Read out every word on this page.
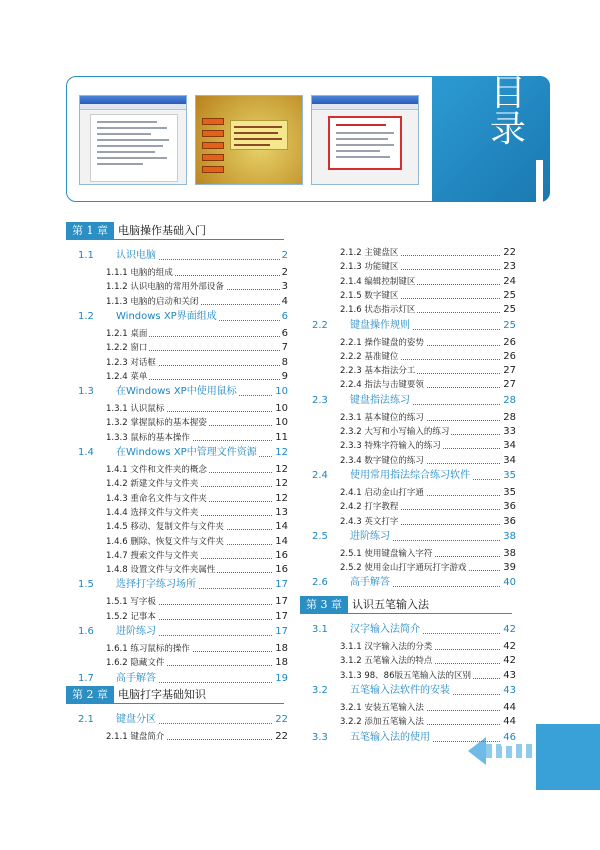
目
录
第 1 章 电脑操作基础入门
1.1 认识电脑	2
1.1.1 电脑的组成	2
1.1.2 认识电脑的常用外部设备	3
1.1.3 电脑的启动和关闭	4
1.2 Windows XP界面组成	6
1.2.1 桌面	6
1.2.2 窗口	7
1.2.3 对话框	8
1.2.4 菜单	9
1.3 在Windows XP中使用鼠标	10
1.3.1 认识鼠标	10
1.3.2 掌握鼠标的基本握姿	10
1.3.3 鼠标的基本操作	11
1.4 在Windows XP中管理文件资源 12
1.4.1 文件和文件夹的概念	12
1.4.2 新建文件与文件夹	12
1.4.3 重命名文件与文件夹	12
1.4.4 选择文件与文件夹	13
1.4.5 移动、复制文件与文件夹	14
1.4.6 删除、恢复文件与文件夹	14
1.4.7 搜索文件与文件夹	16
1.4.8 设置文件与文件夹属性	16
1.5 选择打字练习场所	17
1.5.1 写字板	17
1.5.2 记事本	17
1.6 进阶练习	17
1.6.1 练习鼠标的操作	18
1.6.2 隐藏文件	18
1.7 高手解答	19
第 2 章 电脑打字基础知识
2.1 键盘分区	22
2.1.1 键盘简介	22
2.1.2 主键盘区	22
2.1.3 功能键区	23
2.1.4 编辑控制键区	24
2.1.5 数字键区	25
2.1.6 状态指示灯区	25
2.2 键盘操作规则	25
2.2.1 操作键盘的姿势	26
2.2.2 基准键位	26
2.2.3 基本指法分工	27
2.2.4 指法与击键要领	27
2.3 键盘指法练习	28
2.3.1 基本键位的练习	28
2.3.2 大写和小写输入的练习	33
2.3.3 特殊字符输入的练习	34
2.3.4 数字键位的练习	34
2.4 使用常用指法综合练习软件	35
2.4.1 启动金山打字通	35
2.4.2 打字教程	36
2.4.3 英文打字	36
2.5 进阶练习	38
2.5.1 使用键盘输入字符	38
2.5.2 使用金山打字通玩打字游戏	39
2.6 高手解答	40
第 3 章 认识五笔输入法
3.1 汉字输入法简介	42
3.1.1 汉字输入法的分类	42
3.1.2 五笔输入法的特点	42
3.1.3 98、86版五笔输入法的区别	43
3.2 五笔输入法软件的安装	43
3.2.1 安装五笔输入法	44
3.2.2 添加五笔输入法	44
3.3 五笔输入法的使用	46
